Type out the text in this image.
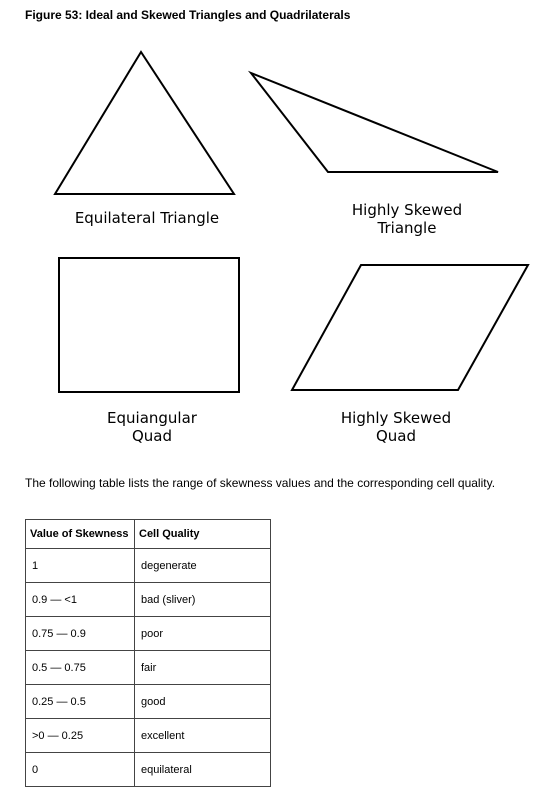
Figure 53: Ideal and Skewed Triangles and Quadrilaterals
Equilateral Triangle	Highly Skewed
Triangle
Equiangular
Quad
Highly Skewed
Quad
The following table lists the range of skewness values and the corresponding cell quality.
Value of Skewness	Cell Quality
1	degenerate
0.9 — <1	bad (sliver)
0.75 — 0.9	poor
0.5 — 0.75	fair
0.25 — 0.5	good
>0 — 0.25	excellent
0	equilateral
